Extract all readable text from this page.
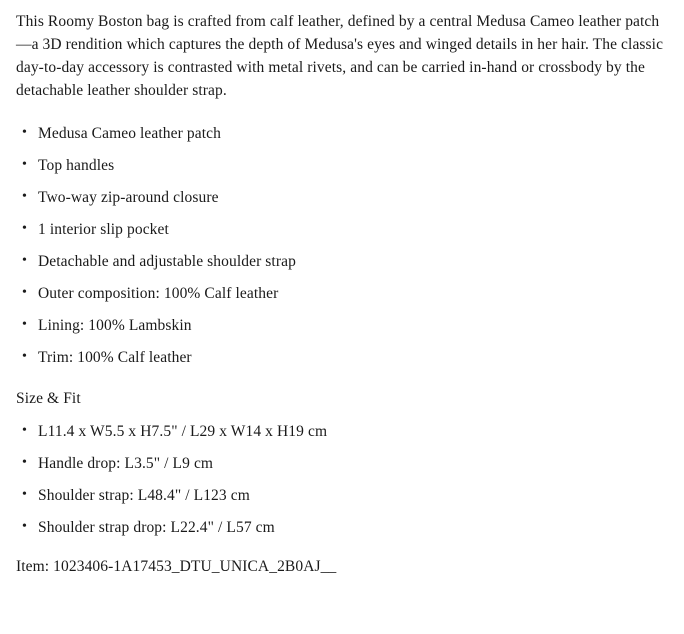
This Roomy Boston bag is crafted from calf leather, defined by a central Medusa Cameo leather patch—a 3D rendition which captures the depth of Medusa's eyes and winged details in her hair. The classic day-to-day accessory is contrasted with metal rivets, and can be carried in-hand or crossbody by the detachable leather shoulder strap.

• Medusa Cameo leather patch
• Top handles
• Two-way zip-around closure
• 1 interior slip pocket
• Detachable and adjustable shoulder strap
• Outer composition: 100% Calf leather
• Lining: 100% Lambskin
• Trim: 100% Calf leather
Size & Fit
• L11.4 x W5.5 x H7.5" / L29 x W14 x H19 cm
• Handle drop: L3.5" / L9 cm
• Shoulder strap: L48.4" / L123 cm
• Shoulder strap drop: L22.4" / L57 cm
Item: 1023406-1A17453_DTU_UNICA_2B0AJ__
